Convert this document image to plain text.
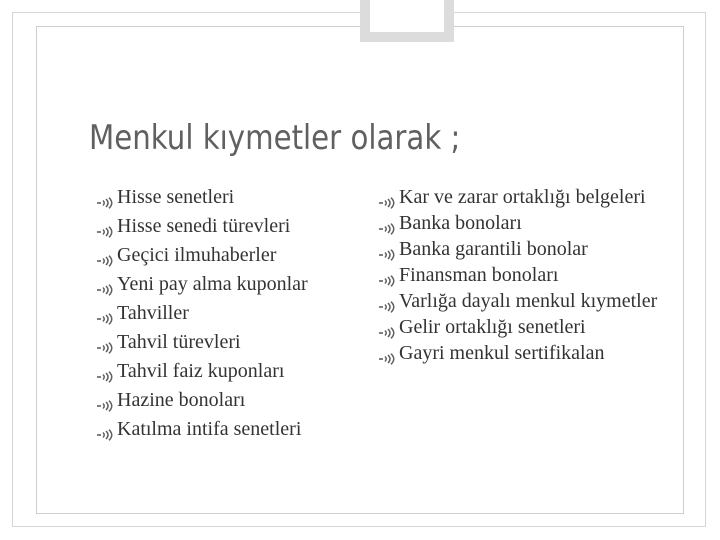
Menkul kıymetler olarak ;
Hisse senetleri
Hisse senedi türevleri
Geçici ilmuhaberler
Yeni pay alma kuponlar
Tahviller
Tahvil türevleri
Tahvil faiz kuponları
Hazine bonoları
Katılma intifa senetleri
Kar ve zarar ortaklığı belgeleri
Banka bonoları
Banka garantili bonolar
Finansman bonoları
Varlığa dayalı menkul kıymetler
Gelir ortaklığı senetleri
Gayri menkul sertifikalan
